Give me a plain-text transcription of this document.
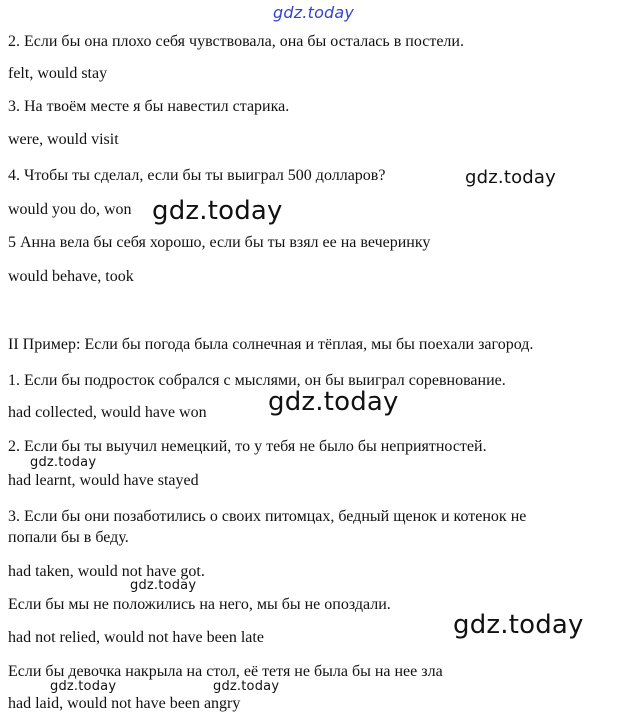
gdz.today
gdz.today
gdz.today
gdz.today
gdz.today
gdz.today
gdz.today
gdz.today	gdz.today
2. Если бы она плохо себя чувствовала, она бы осталась в постели.
felt, would stay
3. На твоём месте я бы навестил старика.
were, would visit
4. Чтобы ты сделал, если бы ты выиграл 500 долларов?
would you do, won
5 Анна вела бы себя хорошо, если бы ты взял ее на вечеринку
would behave, took
II Пример: Если бы погода была солнечная и тёплая, мы бы поехали загород.
1. Если бы подросток собрался с мыслями, он бы выиграл соревнование.
had collected, would have won
2. Если бы ты выучил немецкий, то у тебя не было бы неприятностей.
had learnt, would have stayed
3. Если бы они позаботились о своих питомцах, бедный щенок и котенок не
попали бы в беду.
had taken, would not have got.
Если бы мы не положились на него, мы бы не опоздали.
had not relied, would not have been late
Если бы девочка накрыла на стол, её тетя не была бы на нее зла
had laid, would not have been angry
